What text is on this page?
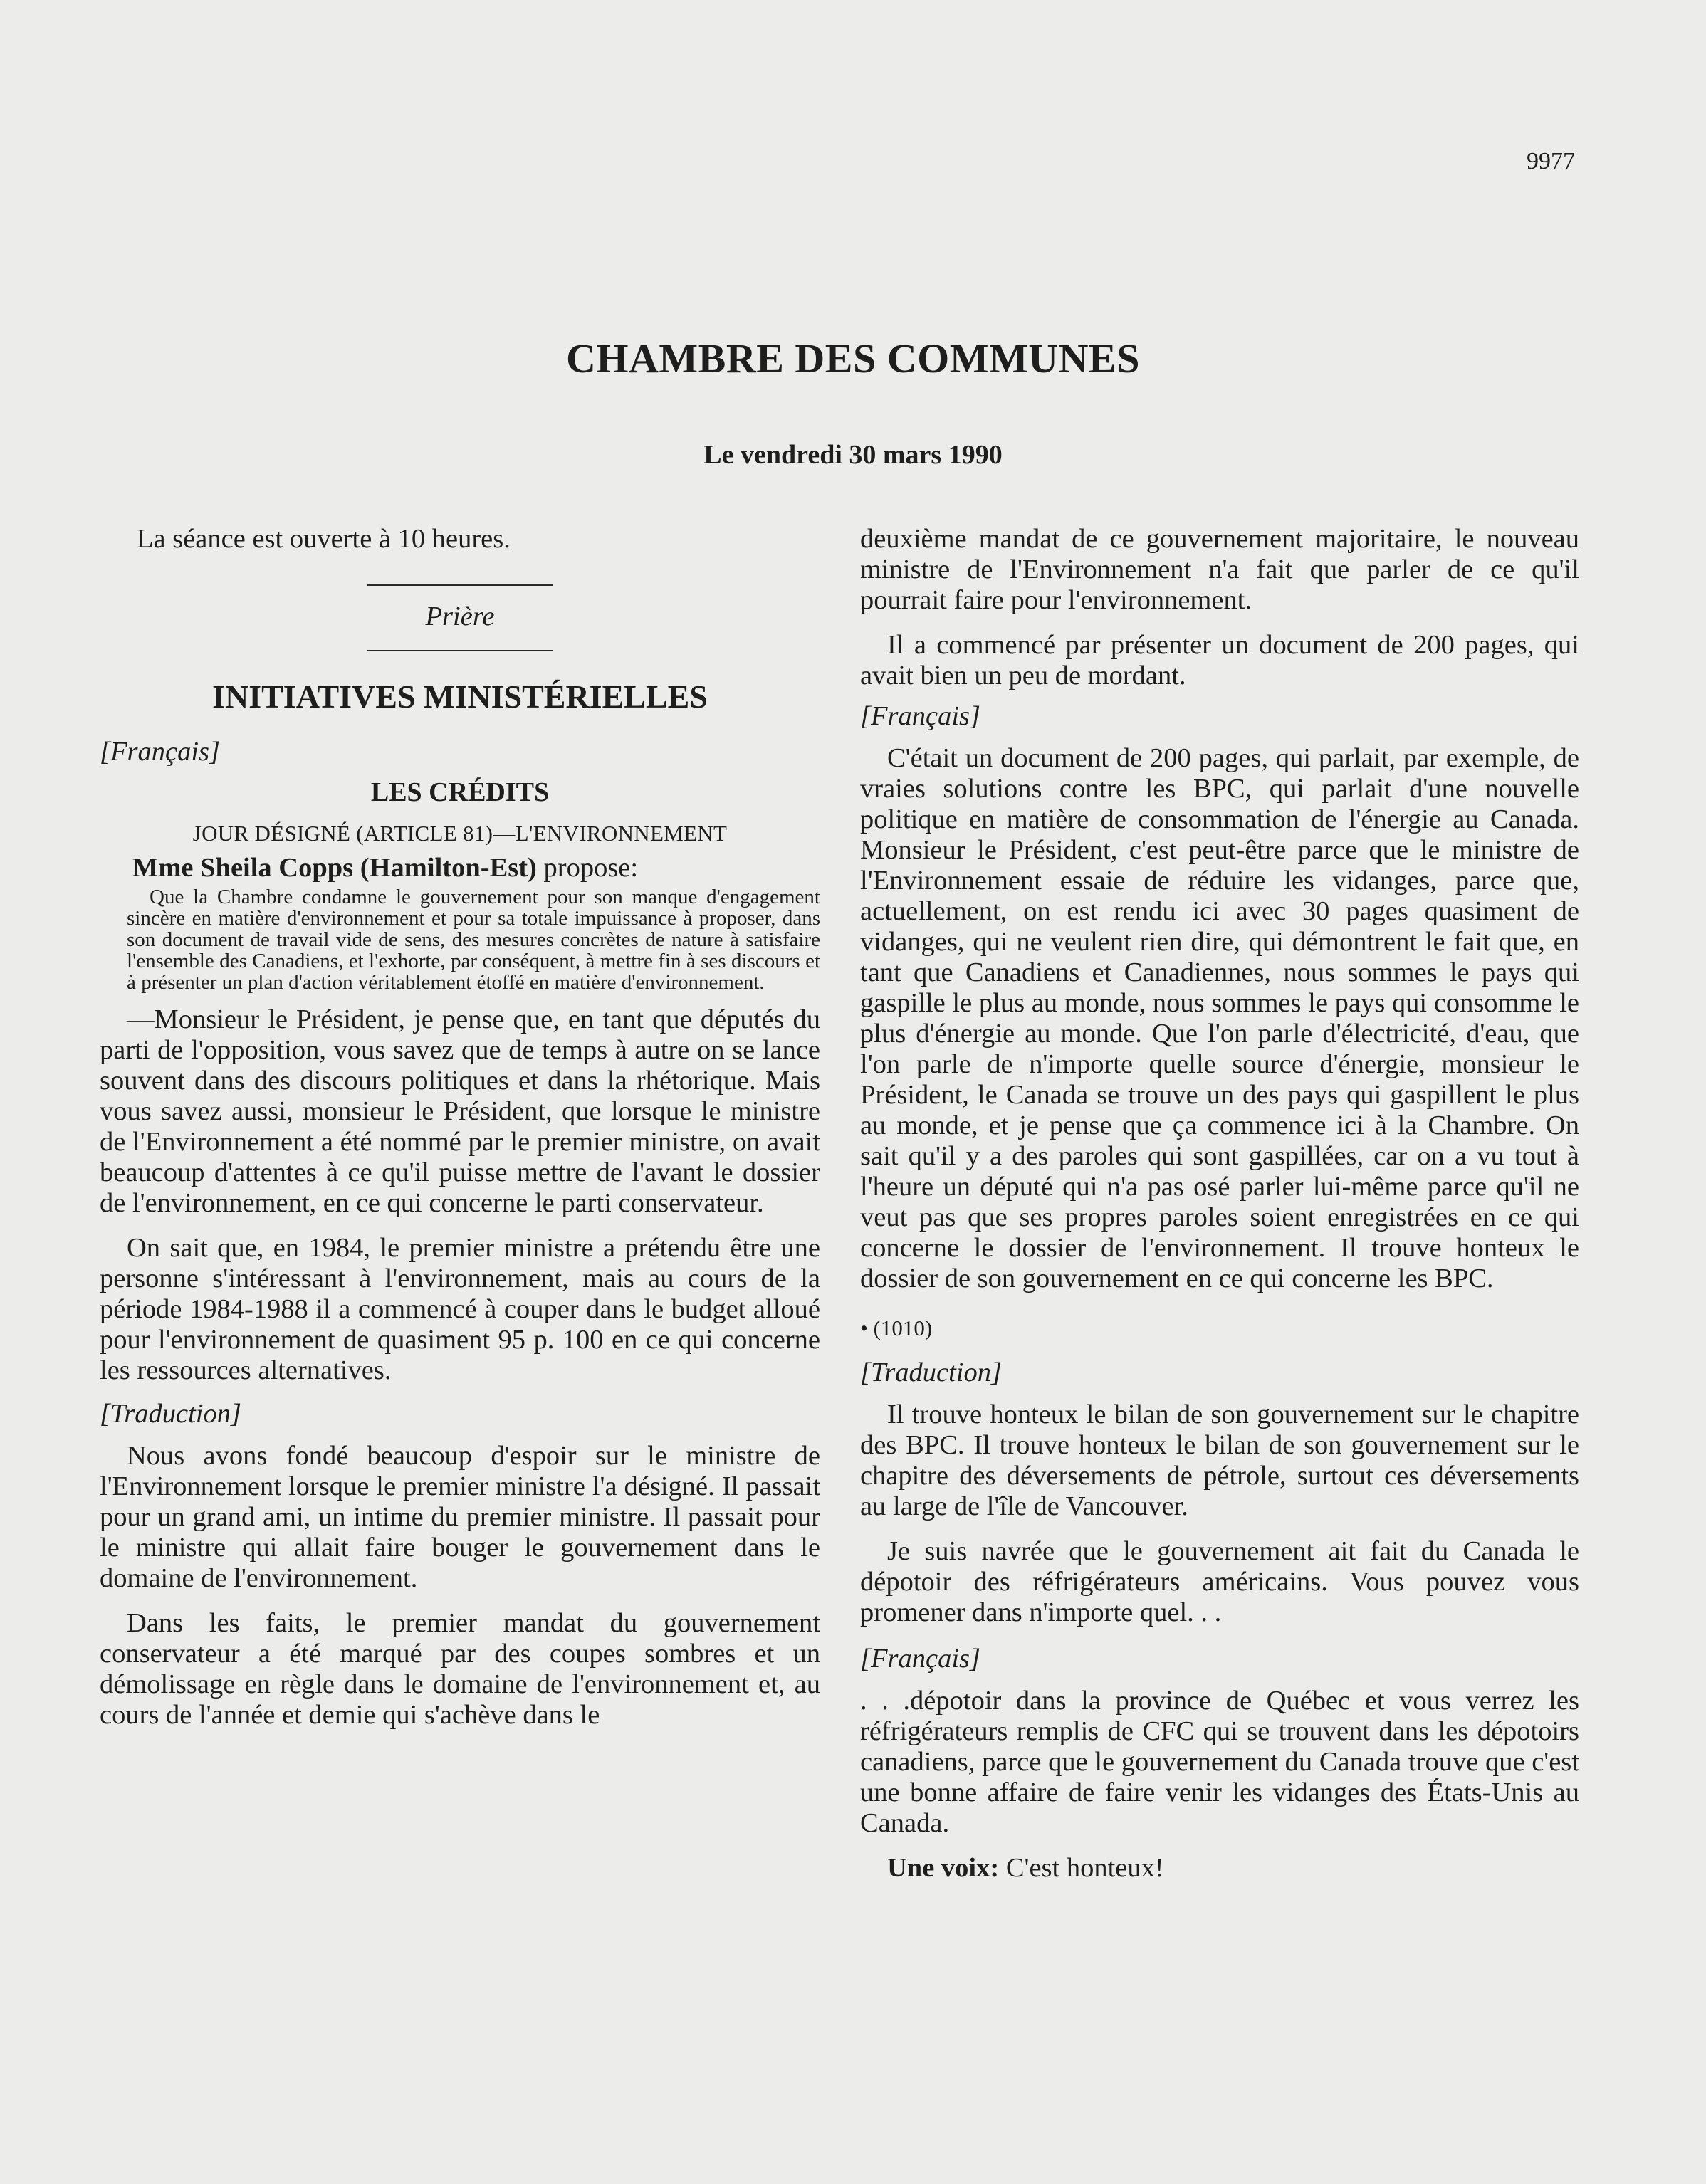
9977
CHAMBRE DES COMMUNES
Le vendredi 30 mars 1990

La séance est ouverte à 10 heures.

Prière

INITIATIVES MINISTÉRIELLES

[Français]

LES CRÉDITS

JOUR DÉSIGNÉ (ARTICLE 81)—L'ENVIRONNEMENT

Mme Sheila Copps (Hamilton-Est) propose:

Que la Chambre condamne le gouvernement pour son manque d'engagement sincère en matière d'environnement et pour sa totale impuissance à proposer, dans son document de travail vide de sens, des mesures concrètes de nature à satisfaire l'ensemble des Canadiens, et l'exhorte, par conséquent, à mettre fin à ses discours et à présenter un plan d'action véritablement étoffé en matière d'environnement.

—Monsieur le Président, je pense que, en tant que députés du parti de l'opposition, vous savez que de temps à autre on se lance souvent dans des discours politiques et dans la rhétorique. Mais vous savez aussi, monsieur le Président, que lorsque le ministre de l'Environnement a été nommé par le premier ministre, on avait beaucoup d'attentes à ce qu'il puisse mettre de l'avant le dossier de l'environnement, en ce qui concerne le parti conservateur.

On sait que, en 1984, le premier ministre a prétendu être une personne s'intéressant à l'environnement, mais au cours de la période 1984-1988 il a commencé à couper dans le budget alloué pour l'environnement de quasiment 95 p. 100 en ce qui concerne les ressources alternatives.

[Traduction]

Nous avons fondé beaucoup d'espoir sur le ministre de l'Environnement lorsque le premier ministre l'a désigné. Il passait pour un grand ami, un intime du premier ministre. Il passait pour le ministre qui allait faire bouger le gouvernement dans le domaine de l'environnement.

Dans les faits, le premier mandat du gouvernement conservateur a été marqué par des coupes sombres et un démolissage en règle dans le domaine de l'environnement et, au cours de l'année et demie qui s'achève dans le

deuxième mandat de ce gouvernement majoritaire, le nouveau ministre de l'Environnement n'a fait que parler de ce qu'il pourrait faire pour l'environnement.

Il a commencé par présenter un document de 200 pages, qui avait bien un peu de mordant.

[Français]

C'était un document de 200 pages, qui parlait, par exemple, de vraies solutions contre les BPC, qui parlait d'une nouvelle politique en matière de consommation de l'énergie au Canada. Monsieur le Président, c'est peut-être parce que le ministre de l'Environnement essaie de réduire les vidanges, parce que, actuellement, on est rendu ici avec 30 pages quasiment de vidanges, qui ne veulent rien dire, qui démontrent le fait que, en tant que Canadiens et Canadiennes, nous sommes le pays qui gaspille le plus au monde, nous sommes le pays qui consomme le plus d'énergie au monde. Que l'on parle d'électricité, d'eau, que l'on parle de n'importe quelle source d'énergie, monsieur le Président, le Canada se trouve un des pays qui gaspillent le plus au monde, et je pense que ça commence ici à la Chambre. On sait qu'il y a des paroles qui sont gaspillées, car on a vu tout à l'heure un député qui n'a pas osé parler lui-même parce qu'il ne veut pas que ses propres paroles soient enregistrées en ce qui concerne le dossier de l'environnement. Il trouve honteux le dossier de son gouvernement en ce qui concerne les BPC.

• (1010)

[Traduction]

Il trouve honteux le bilan de son gouvernement sur le chapitre des BPC. Il trouve honteux le bilan de son gouvernement sur le chapitre des déversements de pétrole, surtout ces déversements au large de l'île de Vancouver.

Je suis navrée que le gouvernement ait fait du Canada le dépotoir des réfrigérateurs américains. Vous pouvez vous promener dans n'importe quel. . .

[Français]

. . .dépotoir dans la province de Québec et vous verrez les réfrigérateurs remplis de CFC qui se trouvent dans les dépotoirs canadiens, parce que le gouvernement du Canada trouve que c'est une bonne affaire de faire venir les vidanges des États-Unis au Canada.

Une voix: C'est honteux!
